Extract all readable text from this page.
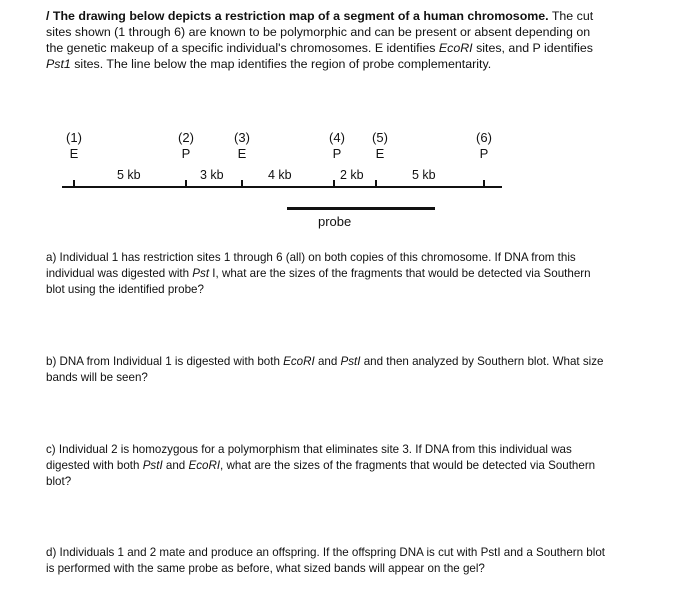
/ The drawing below depicts a restriction map of a segment of a human chromosome. The cut sites shown (1 through 6) are known to be polymorphic and can be present or absent depending on the genetic makeup of a specific individual's chromosomes. E identifies EcoRI sites, and P identifies Pst1 sites. The line below the map identifies the region of probe complementarity.
(1)
E
(2)
P
(3)
E
(4)
P
(5)
E
(6)
P
5 kb	3 kb	4 kb	2 kb	5 kb
probe
a) Individual 1 has restriction sites 1 through 6 (all) on both copies of this chromosome. If DNA from this individual was digested with Pst I, what are the sizes of the fragments that would be detected via Southern blot using the identified probe?
b) DNA from Individual 1 is digested with both EcoRI and PstI and then analyzed by Southern blot. What size bands will be seen?
c) Individual 2 is homozygous for a polymorphism that eliminates site 3. If DNA from this individual was digested with both PstI and EcoRI, what are the sizes of the fragments that would be detected via Southern blot?
d) Individuals 1 and 2 mate and produce an offspring. If the offspring DNA is cut with PstI and a Southern blot is performed with the same probe as before, what sized bands will appear on the gel?
